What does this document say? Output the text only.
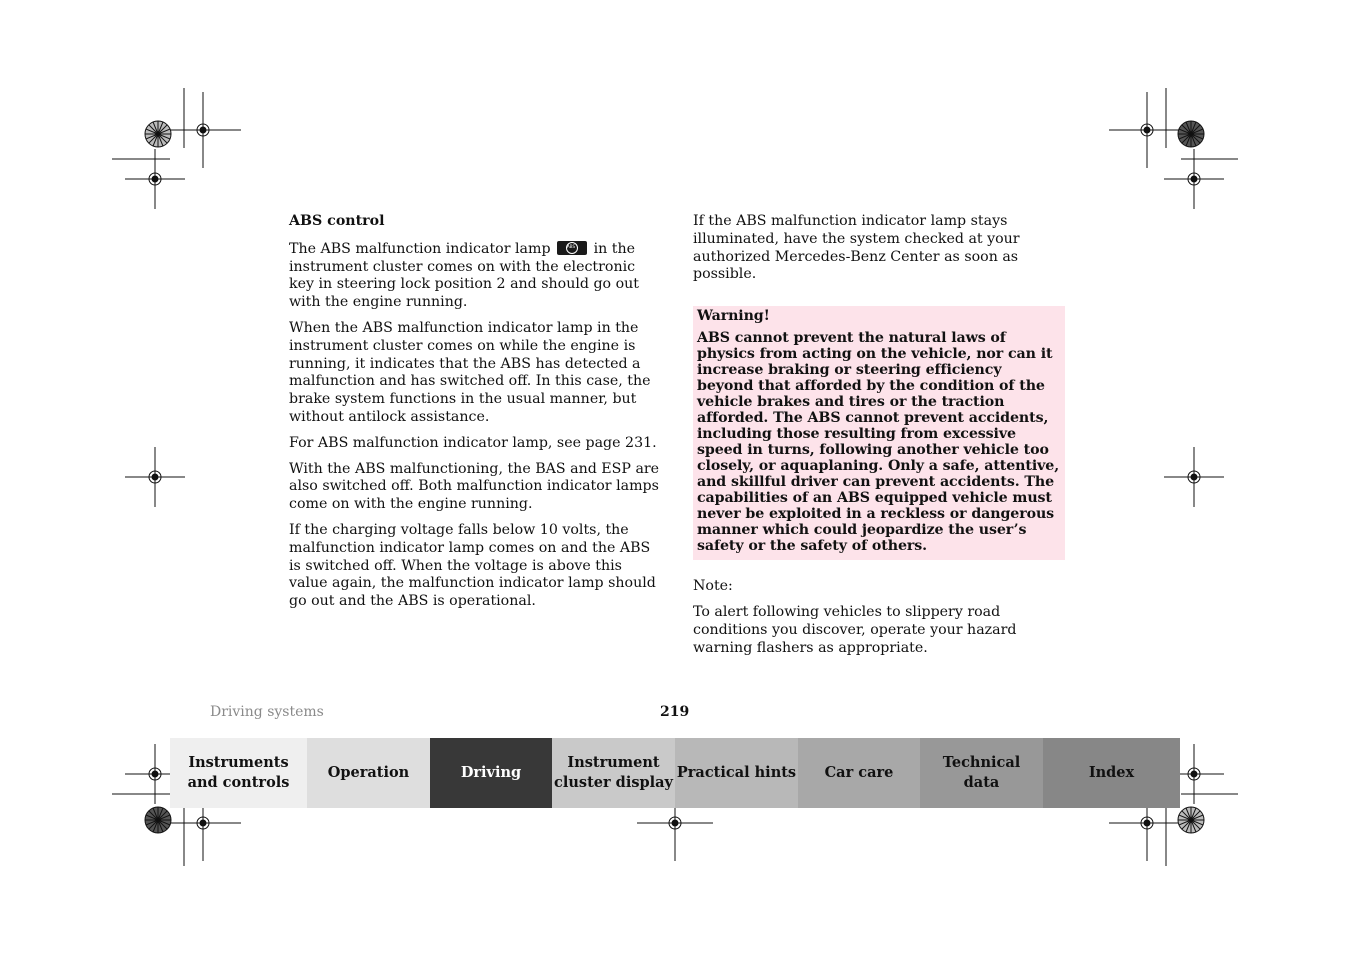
ABS control

The ABS malfunction indicator lamp ABS	in the instrument cluster comes on with the electronic key in steering lock position 2 and should go out with the engine running.

When the ABS malfunction indicator lamp in the instrument cluster comes on while the engine is running, it indicates that the ABS has detected a malfunction and has switched off. In this case, the brake system functions in the usual manner, but without antilock assistance.

For ABS malfunction indicator lamp, see page 231.

With the ABS malfunctioning, the BAS and ESP are also switched off. Both malfunction indicator lamps come on with the engine running.

If the charging voltage falls below 10 volts, the malfunction indicator lamp comes on and the ABS is switched off. When the voltage is above this value again, the malfunction indicator lamp should go out and the ABS is operational.

If the ABS malfunction indicator lamp stays illuminated, have the system checked at your authorized Mercedes-Benz Center as soon as possible.

Warning!

ABS cannot prevent the natural laws of physics from acting on the vehicle, nor can it increase braking or steering efficiency beyond that afforded by the condition of the vehicle brakes and tires or the traction afforded. The ABS cannot prevent accidents, including those resulting from excessive speed in turns, following another vehicle too closely, or aquaplaning. Only a safe, attentive, and skillful driver can prevent accidents. The capabilities of an ABS equipped vehicle must never be exploited in a reckless or dangerous manner which could jeopardize the user’s safety or the safety of others.

Note:

To alert following vehicles to slippery road conditions you discover, operate your hazard warning flashers as appropriate.

Driving systems	219
Instruments
and controls
Operation	Driving
Instrument
cluster display
Practical hints	Car care
Technical
data
Index
